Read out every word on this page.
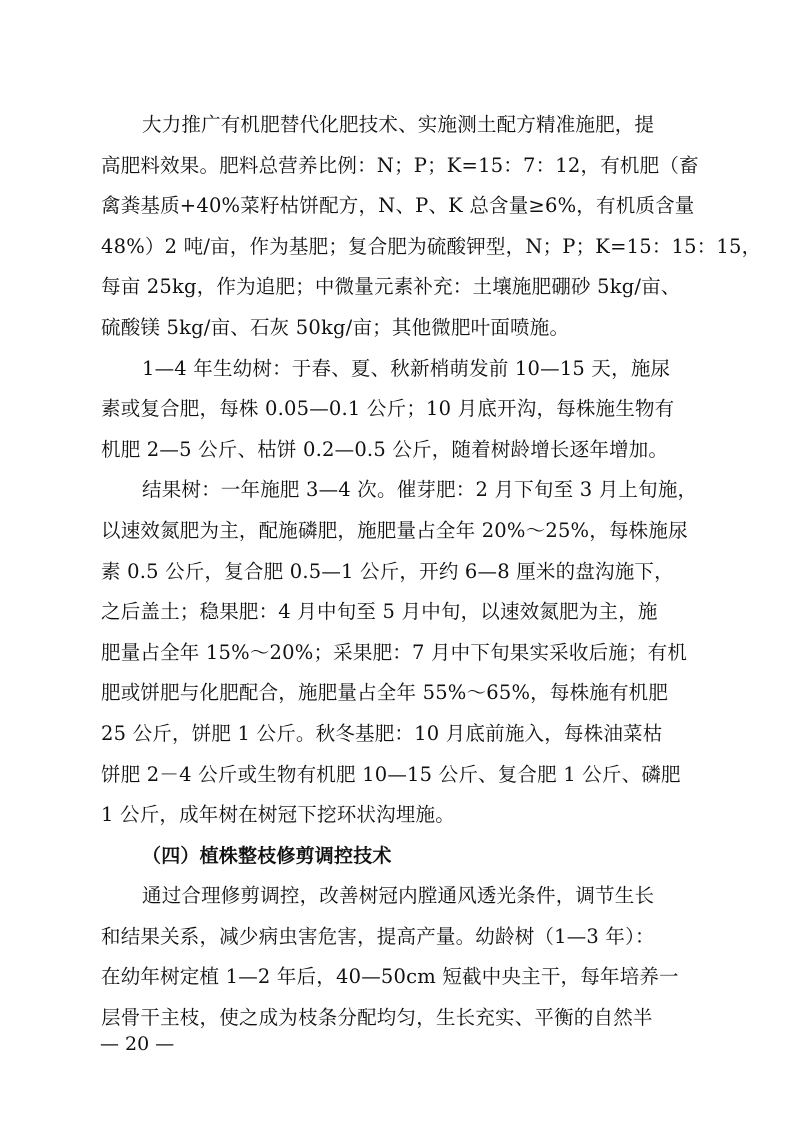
大力推广有机肥替代化肥技术、实施测土配方精准施肥，提
高肥料效果。肥料总营养比例：N；P；K=15：7：12，有机肥（畜
禽粪基质+40%菜籽枯饼配方，N、P、K 总含量≥6%，有机质含量
48%）2 吨/亩，作为基肥；复合肥为硫酸钾型，N；P；K=15：15：15，
每亩 25kg，作为追肥；中微量元素补充：土壤施肥硼砂 5kg/亩、
硫酸镁 5kg/亩、石灰 50kg/亩；其他微肥叶面喷施。
1—4 年生幼树：于春、夏、秋新梢萌发前 10—15 天，施尿
素或复合肥，每株 0.05—0.1 公斤；10 月底开沟，每株施生物有
机肥 2—5 公斤、枯饼 0.2—0.5 公斤，随着树龄增长逐年增加。
结果树：一年施肥 3—4 次。催芽肥：2 月下旬至 3 月上旬施，
以速效氮肥为主，配施磷肥，施肥量占全年 20%～25%，每株施尿
素 0.5 公斤，复合肥 0.5—1 公斤，开约 6—8 厘米的盘沟施下，
之后盖土；稳果肥：4 月中旬至 5 月中旬，以速效氮肥为主，施
肥量占全年 15%～20%；采果肥：7 月中下旬果实采收后施；有机
肥或饼肥与化肥配合，施肥量占全年 55%～65%，每株施有机肥
25 公斤，饼肥 1 公斤。秋冬基肥：10 月底前施入，每株油菜枯
饼肥 2－4 公斤或生物有机肥 10—15 公斤、复合肥 1 公斤、磷肥
1 公斤，成年树在树冠下挖环状沟埋施。
（四）植株整枝修剪调控技术
通过合理修剪调控，改善树冠内膛通风透光条件，调节生长
和结果关系，减少病虫害危害，提高产量。幼龄树（1—3 年）：
在幼年树定植 1—2 年后，40—50cm 短截中央主干，每年培养一
层骨干主枝，使之成为枝条分配均匀，生长充实、平衡的自然半
— 20 —
